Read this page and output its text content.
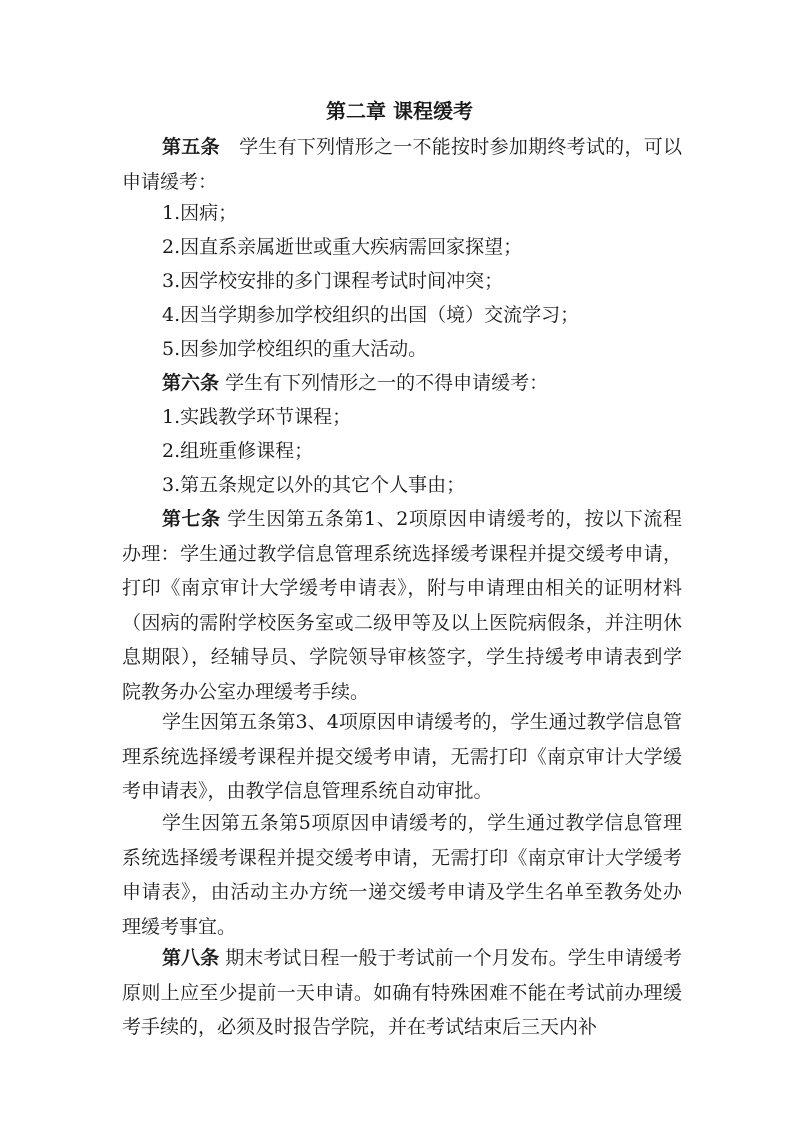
第二章 课程缓考

第五条　 学生有下列情形之一不能按时参加期终考试的，可以申请缓考：

1.因病；
2.因直系亲属逝世或重大疾病需回家探望；
3.因学校安排的多门课程考试时间冲突；
4.因当学期参加学校组织的出国（境）交流学习；
5.因参加学校组织的重大活动。

第六条 学生有下列情形之一的不得申请缓考：

1.实践教学环节课程；
2.组班重修课程；
3.第五条规定以外的其它个人事由；

第七条 学生因第五条第1、2项原因申请缓考的，按以下流程办理：学生通过教学信息管理系统选择缓考课程并提交缓考申请，打印《南京审计大学缓考申请表》，附与申请理由相关的证明材料（因病的需附学校医务室或二级甲等及以上医院病假条，并注明休息期限），经辅导员、学院领导审核签字，学生持缓考申请表到学院教务办公室办理缓考手续。

学生因第五条第3、4项原因申请缓考的，学生通过教学信息管理系统选择缓考课程并提交缓考申请，无需打印《南京审计大学缓考申请表》，由教学信息管理系统自动审批。

学生因第五条第5项原因申请缓考的，学生通过教学信息管理系统选择缓考课程并提交缓考申请，无需打印《南京审计大学缓考申请表》，由活动主办方统一递交缓考申请及学生名单至教务处办理缓考事宜。

第八条 期末考试日程一般于考试前一个月发布。学生申请缓考原则上应至少提前一天申请。如确有特殊困难不能在考试前办理缓考手续的，必须及时报告学院，并在考试结束后三天内补
